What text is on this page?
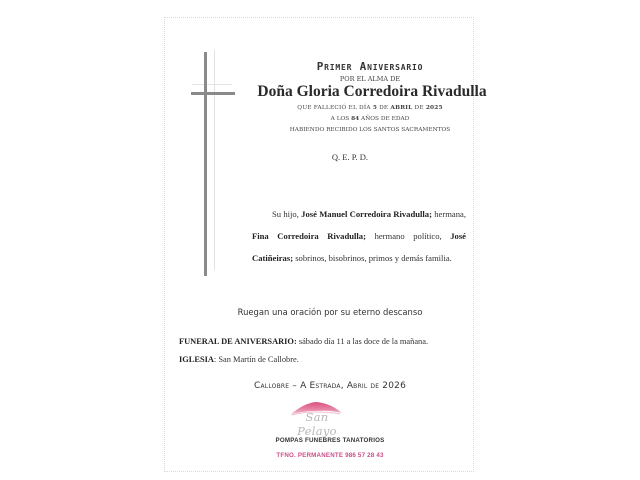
Primer Aniversario
POR EL ALMA DE
Doña Gloria Corredoira Rivadulla
QUE FALLECIÓ EL DÍA 5 DE ABRIL DE 2025
A LOS 84 AÑOS DE EDAD
HABIENDO RECIBIDO LOS SANTOS SACRAMENTOS
Q. E. P. D.
Su hijo, José Manuel Corredoira Rivadulla; hermana, Fina Corredoira Rivadulla; hermano político, José Catiñeiras; sobrinos, bisobrinos, primos y demás familia.
Ruegan una oración por su eterno descanso
FUNERAL DE ANIVERSARIO: sábado día 11 a las doce de la mañana.
IGLESIA: San Martín de Callobre.
Callobre – A Estrada, Abril de 2026
San Pelayo
POMPAS FUNEBRES TANATORIOS
TFNO. PERMANENTE 986 57 28 43
